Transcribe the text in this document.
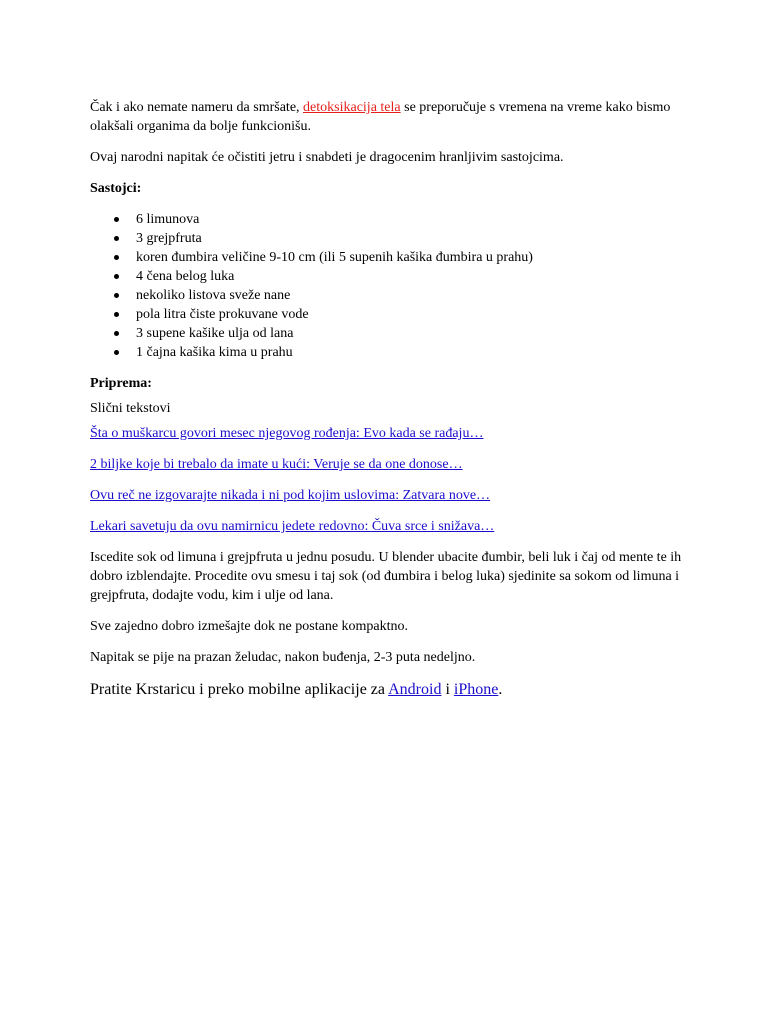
Čak i ako nemate nameru da smršate, detoksikacija tela se preporučuje s vremena na vreme kako bismo olakšali organima da bolje funkcionišu.

Ovaj narodni napitak će očistiti jetru i snabdeti je dragocenim hranljivim sastojcima.

Sastojci:

6 limunova
3 grejpfruta
koren đumbira veličine 9-10 cm (ili 5 supenih kašika đumbira u prahu)
4 čena belog luka
nekoliko listova sveže nane
pola litra čiste prokuvane vode
3 supene kašike ulja od lana
1 čajna kašika kima u prahu

Priprema:

Slični tekstovi

Šta o muškarcu govori mesec njegovog rođenja: Evo kada se rađaju…
2 biljke koje bi trebalo da imate u kući: Veruje se da one donose…
Ovu reč ne izgovarajte nikada i ni pod kojim uslovima: Zatvara nove…
Lekari savetuju da ovu namirnicu jedete redovno: Čuva srce i snižava…

Iscedite sok od limuna i grejpfruta u jednu posudu. U blender ubacite đumbir, beli luk i čaj od mente te ih dobro izblendajte. Procedite ovu smesu i taj sok (od đumbira i belog luka) sjedinite sa sokom od limuna i grejpfruta, dodajte vodu, kim i ulje od lana.

Sve zajedno dobro izmešajte dok ne postane kompaktno.

Napitak se pije na prazan želudac, nakon buđenja, 2-3 puta nedeljno.

Pratite Krstaricu i preko mobilne aplikacije za Android i iPhone.
